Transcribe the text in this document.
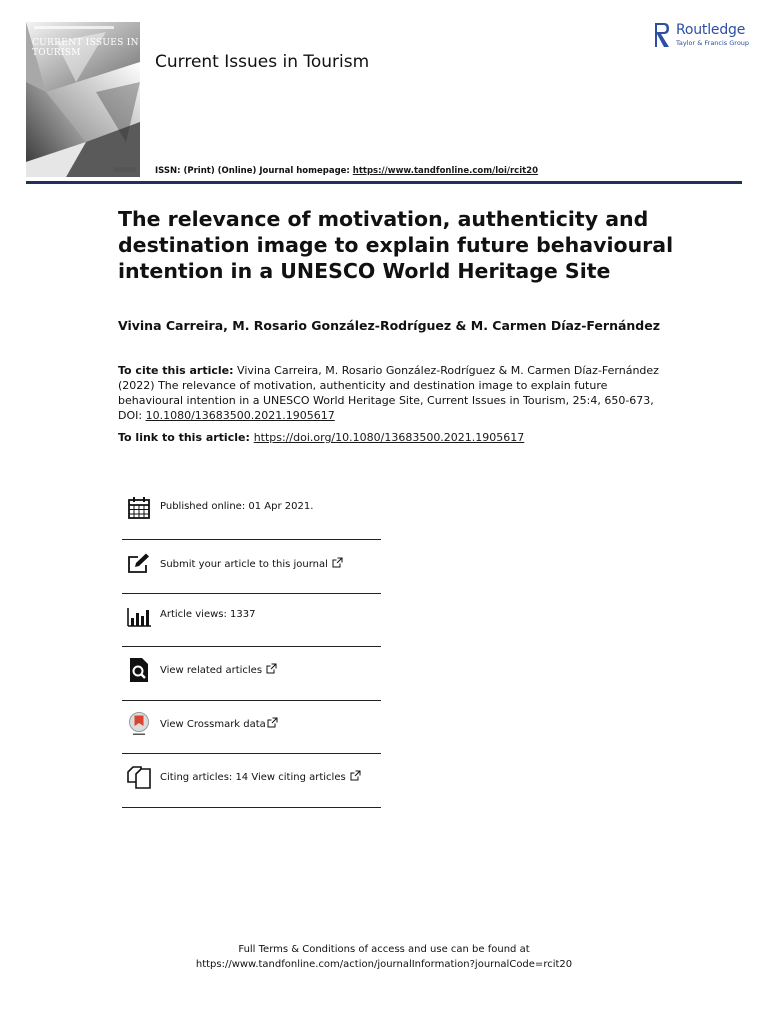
CURRENT ISSUES IN TOURISM	Current Issues in Tourism
Routledge
Taylor & Francis Group
ISSN: (Print) (Online) Journal homepage: https://www.tandfonline.com/loi/rcit20
The relevance of motivation, authenticity and destination image to explain future behavioural intention in a UNESCO World Heritage Site
Vivina Carreira, M. Rosario González-Rodríguez & M. Carmen Díaz-Fernández
To cite this article: Vivina Carreira, M. Rosario González-Rodríguez & M. Carmen Díaz-Fernández (2022) The relevance of motivation, authenticity and destination image to explain future behavioural intention in a UNESCO World Heritage Site, Current Issues in Tourism, 25:4, 650-673, DOI: 10.1080/13683500.2021.1905617
To link to this article: https://doi.org/10.1080/13683500.2021.1905617
Published online: 01 Apr 2021.
Submit your article to this journal
Article views: 1337
View related articles
View Crossmark data
Citing articles: 14 View citing articles
Full Terms & Conditions of access and use can be found at
https://www.tandfonline.com/action/journalInformation?journalCode=rcit20
